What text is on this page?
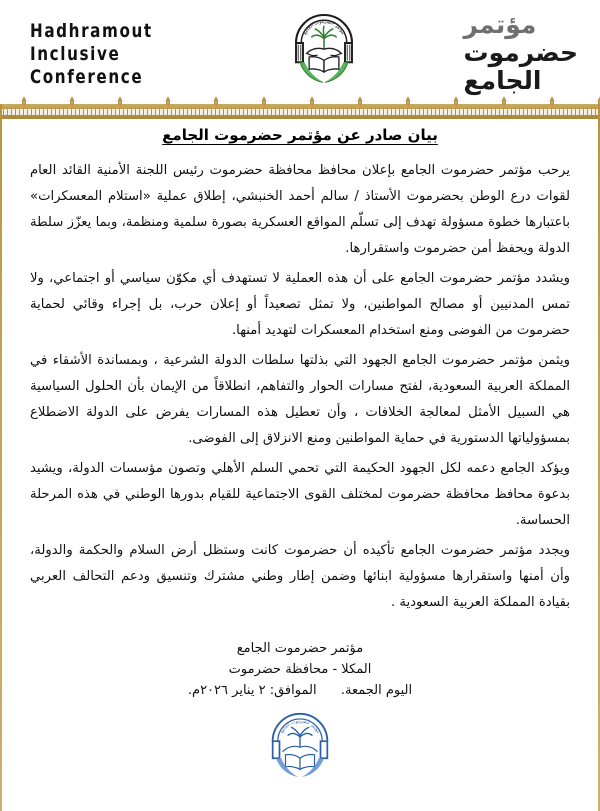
Hadhramout
Inclusive
Conference
مؤتمر حضرموت الجامع	مؤتمر
حضرموت
الجامع
بيان صادر عن مؤتمر حضرموت الجامع

يرحب مؤتمر حضرموت الجامع بإعلان محافظ محافظة حضرموت رئيس اللجنة الأمنية القائد العام لقوات درع الوطن بحضرموت الأستاذ / سالم أحمد الخنبشي، إطلاق عملية «استلام المعسكرات» باعتبارها خطوة مسؤولة تهدف إلى تسلّم المواقع العسكرية بصورة سلمية ومنظمة، وبما يعزّز سلطة الدولة ويحفظ أمن حضرموت واستقرارها.

ويشدد مؤتمر حضرموت الجامع على أن هذه العملية لا تستهدف أي مكوّن سياسي أو اجتماعي، ولا تمس المدنيين أو مصالح المواطنين، ولا تمثل تصعيداً أو إعلان حرب، بل إجراء وقائي لحماية حضرموت من الفوضى ومنع استخدام المعسكرات لتهديد أمنها.

ويثمن مؤتمر حضرموت الجامع الجهود التي بذلتها سلطات الدولة الشرعية ، وبمساندة الأشقاء في المملكة العربية السعودية، لفتح مسارات الحوار والتفاهم، انطلاقاً من الإيمان بأن الحلول السياسية هي السبيل الأمثل لمعالجة الخلافات ، وأن تعطيل هذه المسارات يفرض على الدولة الاضطلاع بمسؤولياتها الدستورية في حماية المواطنين ومنع الانزلاق إلى الفوضى.

ويؤكد الجامع دعمه لكل الجهود الحكيمة التي تحمي السلم الأهلي وتصون مؤسسات الدولة، ويشيد بدعوة محافظ محافظة حضرموت لمختلف القوى الاجتماعية للقيام بدورها الوطني في هذه المرحلة الحساسة.

ويجدد مؤتمر حضرموت الجامع تأكيده أن حضرموت كانت وستظل أرض السلام والحكمة والدولة، وأن أمنها واستقرارها مسؤولية ابنائها وضمن إطار وطني مشترك وتنسيق ودعم التحالف العربي بقيادة المملكة العربية السعودية .

مؤتمر حضرموت الجامع
المكلا - محافظة حضرموت
اليوم الجمعة.  الموافق: ٢ يناير ٢٠٢٦م.
مؤتمر حضرموت الجامع
